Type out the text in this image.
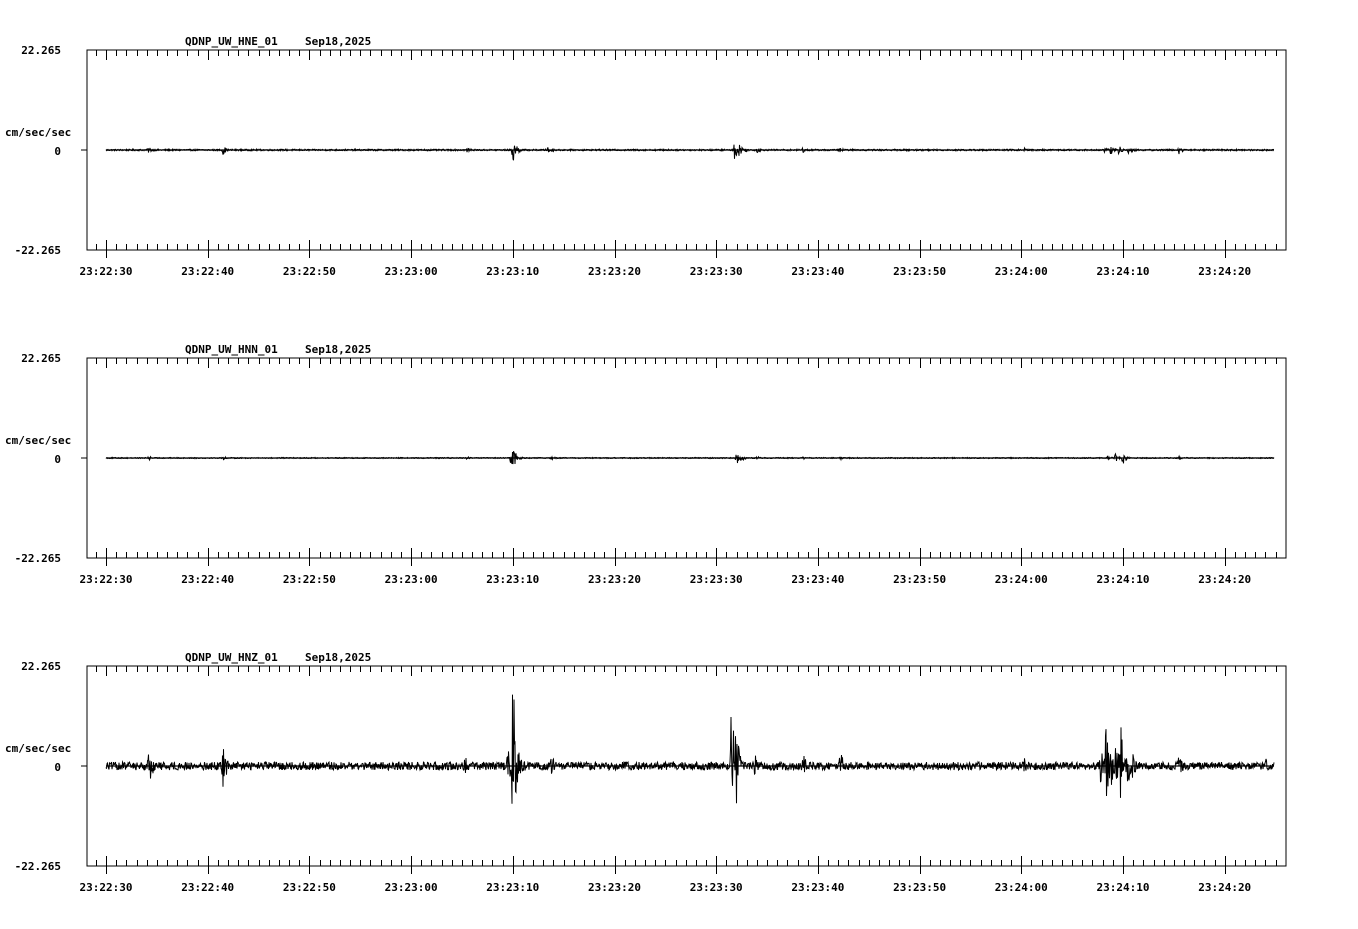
QDNP_UW_HNE_01 Sep18,2025
22.265
0
-22.265
cm/sec/sec
23:22:30	23:22:40	23:22:50	23:23:00	23:23:10	23:23:20	23:23:30	23:23:40	23:23:50	23:24:00	23:24:10	23:24:20
QDNP_UW_HNN_01 Sep18,2025
22.265
0
-22.265
cm/sec/sec
23:22:30	23:22:40	23:22:50	23:23:00	23:23:10	23:23:20	23:23:30	23:23:40	23:23:50	23:24:00	23:24:10	23:24:20
QDNP_UW_HNZ_01 Sep18,2025
22.265
0
-22.265
cm/sec/sec
23:22:30	23:22:40	23:22:50	23:23:00	23:23:10	23:23:20	23:23:30	23:23:40	23:23:50	23:24:00	23:24:10	23:24:20
